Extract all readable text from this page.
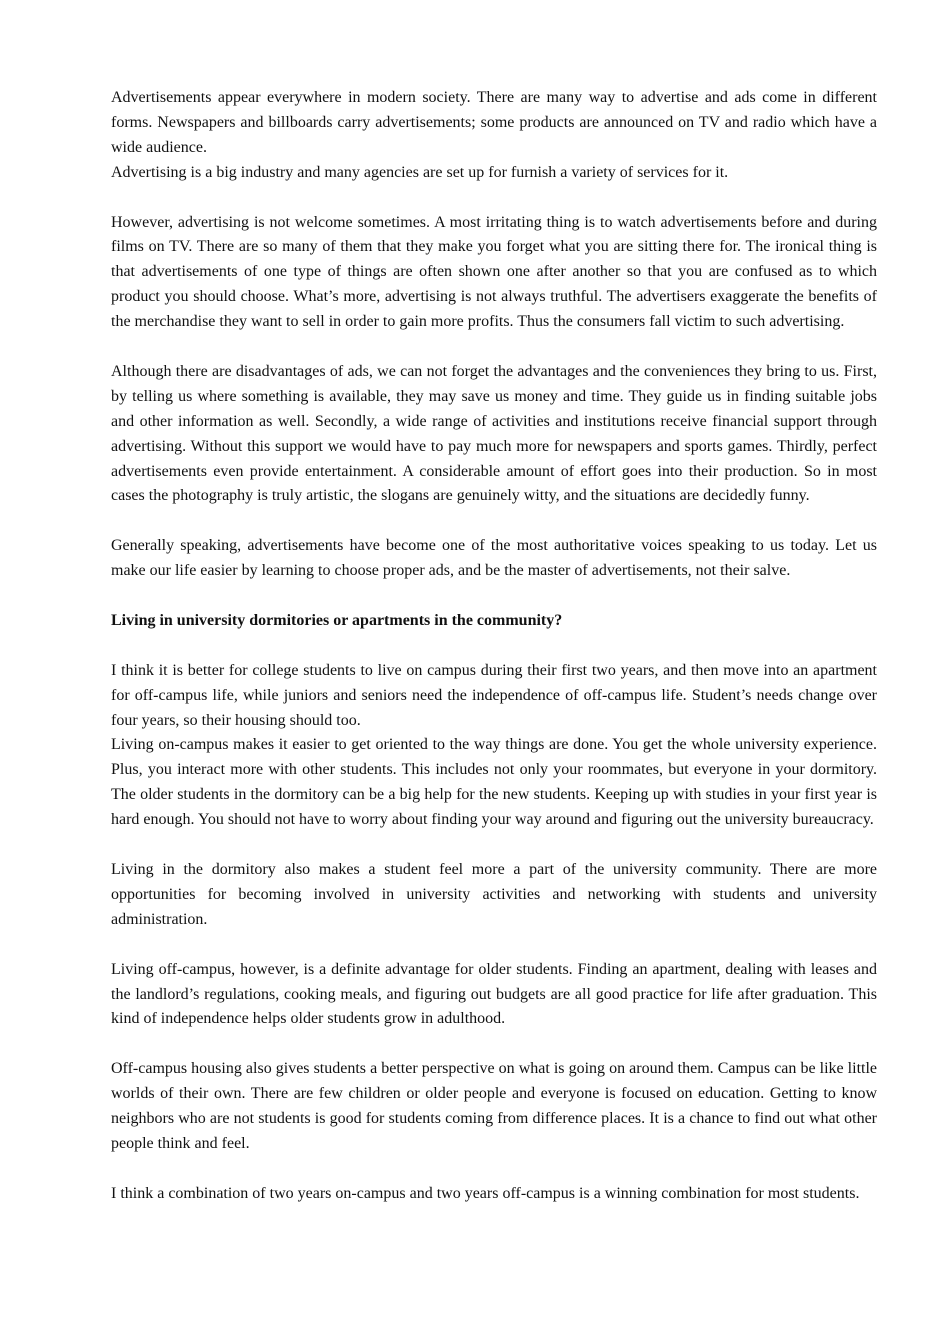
Advertisements appear everywhere in modern society. There are many way to advertise and ads come in different forms. Newspapers and billboards carry advertisements; some products are announced on TV and radio which have a wide audience.

Advertising is a big industry and many agencies are set up for furnish a variety of services for it.

However, advertising is not welcome sometimes. A most irritating thing is to watch advertisements before and during films on TV. There are so many of them that they make you forget what you are sitting there for. The ironical thing is that advertisements of one type of things are often shown one after another so that you are confused as to which product you should choose. What’s more, advertising is not always truthful. The advertisers exaggerate the benefits of the merchandise they want to sell in order to gain more profits. Thus the consumers fall victim to such advertising.

Although there are disadvantages of ads, we can not forget the advantages and the conveniences they bring to us. First, by telling us where something is available, they may save us money and time. They guide us in finding suitable jobs and other information as well. Secondly, a wide range of activities and institutions receive financial support through advertising. Without this support we would have to pay much more for newspapers and sports games. Thirdly, perfect advertisements even provide entertainment. A considerable amount of effort goes into their production. So in most cases the photography is truly artistic, the slogans are genuinely witty, and the situations are decidedly funny.

Generally speaking, advertisements have become one of the most authoritative voices speaking to us today. Let us make our life easier by learning to choose proper ads, and be the master of advertisements, not their salve.

Living in university dormitories or apartments in the community?

I think it is better for college students to live on campus during their first two years, and then move into an apartment for off-campus life, while juniors and seniors need the independence of off-campus life. Student’s needs change over four years, so their housing should too.

Living on-campus makes it easier to get oriented to the way things are done. You get the whole university experience. Plus, you interact more with other students. This includes not only your roommates, but everyone in your dormitory. The older students in the dormitory can be a big help for the new students. Keeping up with studies in your first year is hard enough. You should not have to worry about finding your way around and figuring out the university bureaucracy.

Living in the dormitory also makes a student feel more a part of the university community. There are more opportunities for becoming involved in university activities and networking with students and university administration.

Living off-campus, however, is a definite advantage for older students. Finding an apartment, dealing with leases and the landlord’s regulations, cooking meals, and figuring out budgets are all good practice for life after graduation. This kind of independence helps older students grow in adulthood.

Off-campus housing also gives students a better perspective on what is going on around them. Campus can be like little worlds of their own. There are few children or older people and everyone is focused on education. Getting to know neighbors who are not students is good for students coming from difference places. It is a chance to find out what other people think and feel.

I think a combination of two years on-campus and two years off-campus is a winning combination for most students.
